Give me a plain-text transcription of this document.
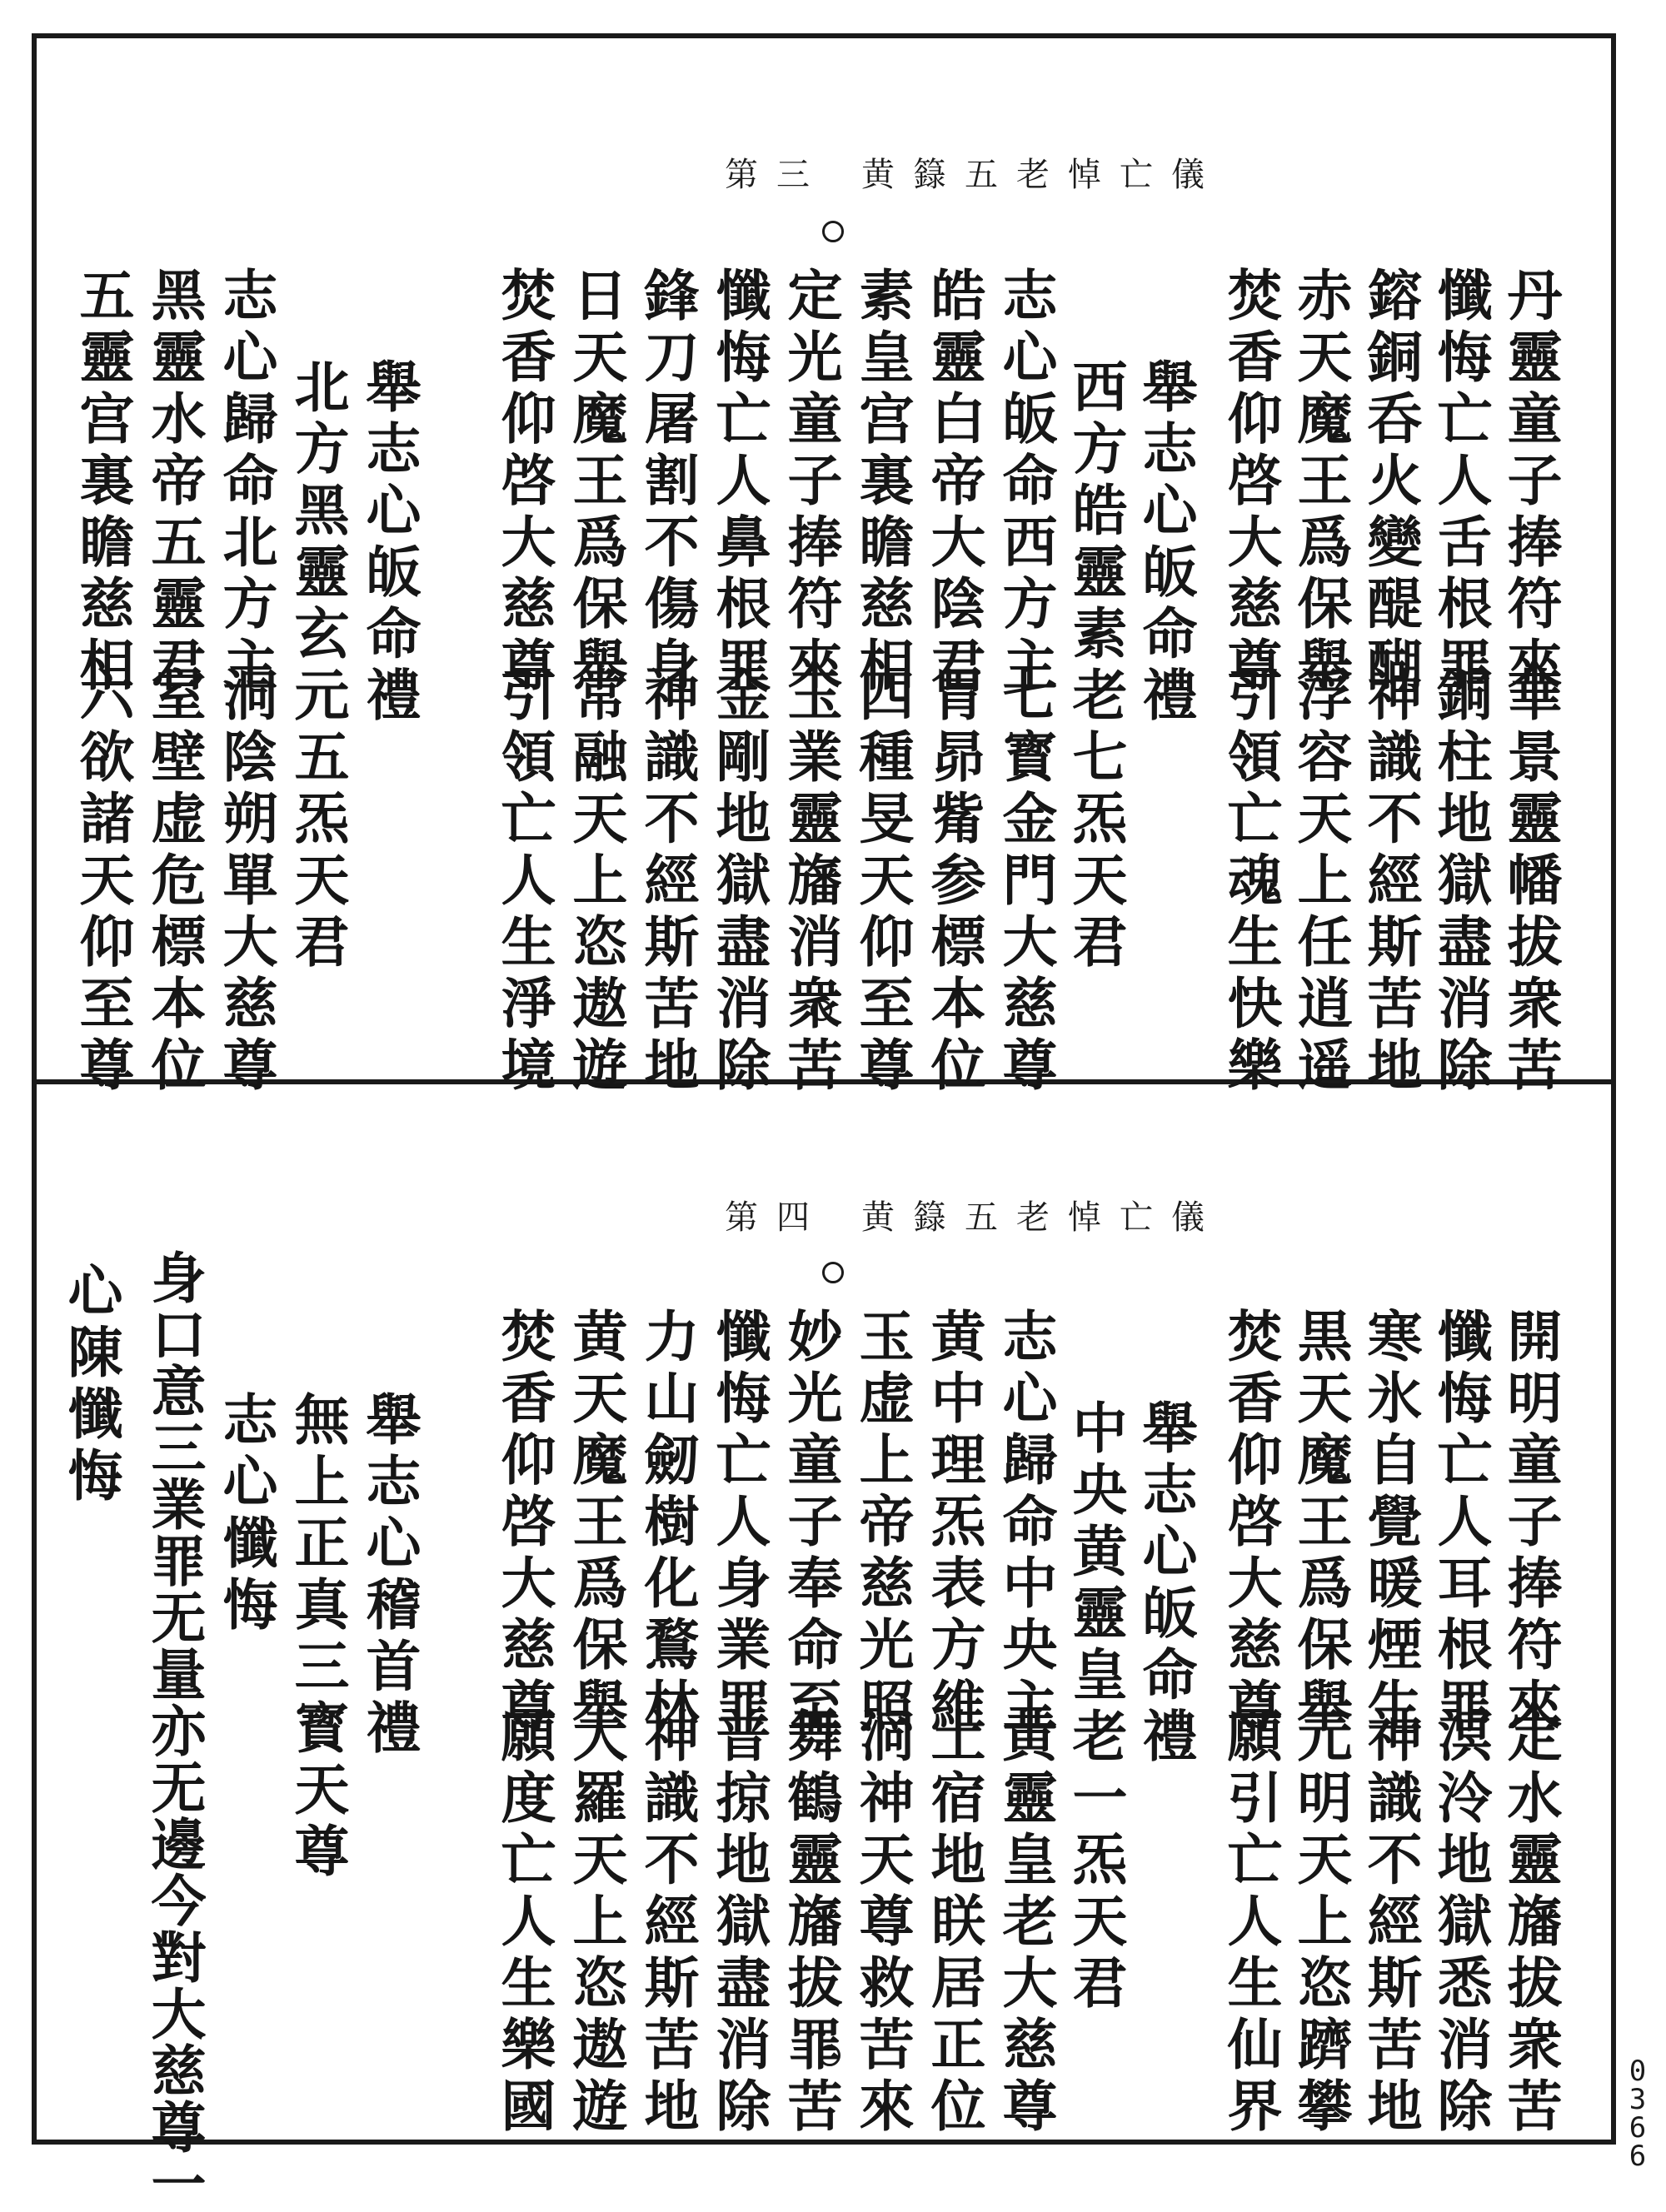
第三 黄籙五老悼亡儀
丹靈童子捧符來
懺悔亡人舌根罪
鎔銅呑火變醍醐
赤天魔王爲保舉
焚香仰啓大慈尊
華景靈幡拔衆苦
銅柱地獄盡消除
神識不經斯苦地
浮容天上任逍遥
引領亡魂生快樂
舉志心皈命禮
西方皓靈素老七炁天君
志心皈命西方主
皓靈白帝大陰君
素皇宫裏瞻慈相
定光童子捧符來
懺悔亡人鼻根罪
鋒刀屠割不傷身
日天魔王爲保舉
焚香仰啓大慈尊
七寳金門大慈尊
胃昴觜参標本位
四種旻天仰至尊
玉業靈旛消衆苦
金剛地獄盡消除
神識不經斯苦地
常融天上恣遨遊
引領亡人生淨境
舉志心皈命禮
北方黑靈玄元五炁天君
志心歸命北方主
黑靈水帝五靈君
五靈宫裏瞻慈相
洞陰朔單大慈尊
室壁虚危標本位
六欲諸天仰至尊
第四 黄籙五老悼亡儀
開明童子捧符來
懺悔亡人耳根罪
寒氷自覺暖煙生
黒天魔王爲保舉
焚香仰啓大慈尊
定水靈旛拔衆苦
溟泠地獄悉消除
神識不經斯苦地
元明天上恣躋攀
願引亡人生仙界
舉志心皈命禮
中央黄靈皇老一炁天君
志心歸命中央主
黄中理炁表方維
玉虚上帝慈光照
妙光童子奉命至
懺悔亡人身業罪
力山劒樹化鶩林
黄天魔王爲保舉
焚香仰啓大慈尊
黄靈皇老大慈尊
土宿地眹居正位
洞神天尊救苦來
舞鶴靈旛拔罪苦
普掠地獄盡消除
神識不經斯苦地
大羅天上恣遨遊
願度亡人生樂國
舉志心稽首禮
無上正真三寳天尊
志心懺悔
身口意三業罪无量亦无邊今對大慈尊一
心陳懺悔
0366
